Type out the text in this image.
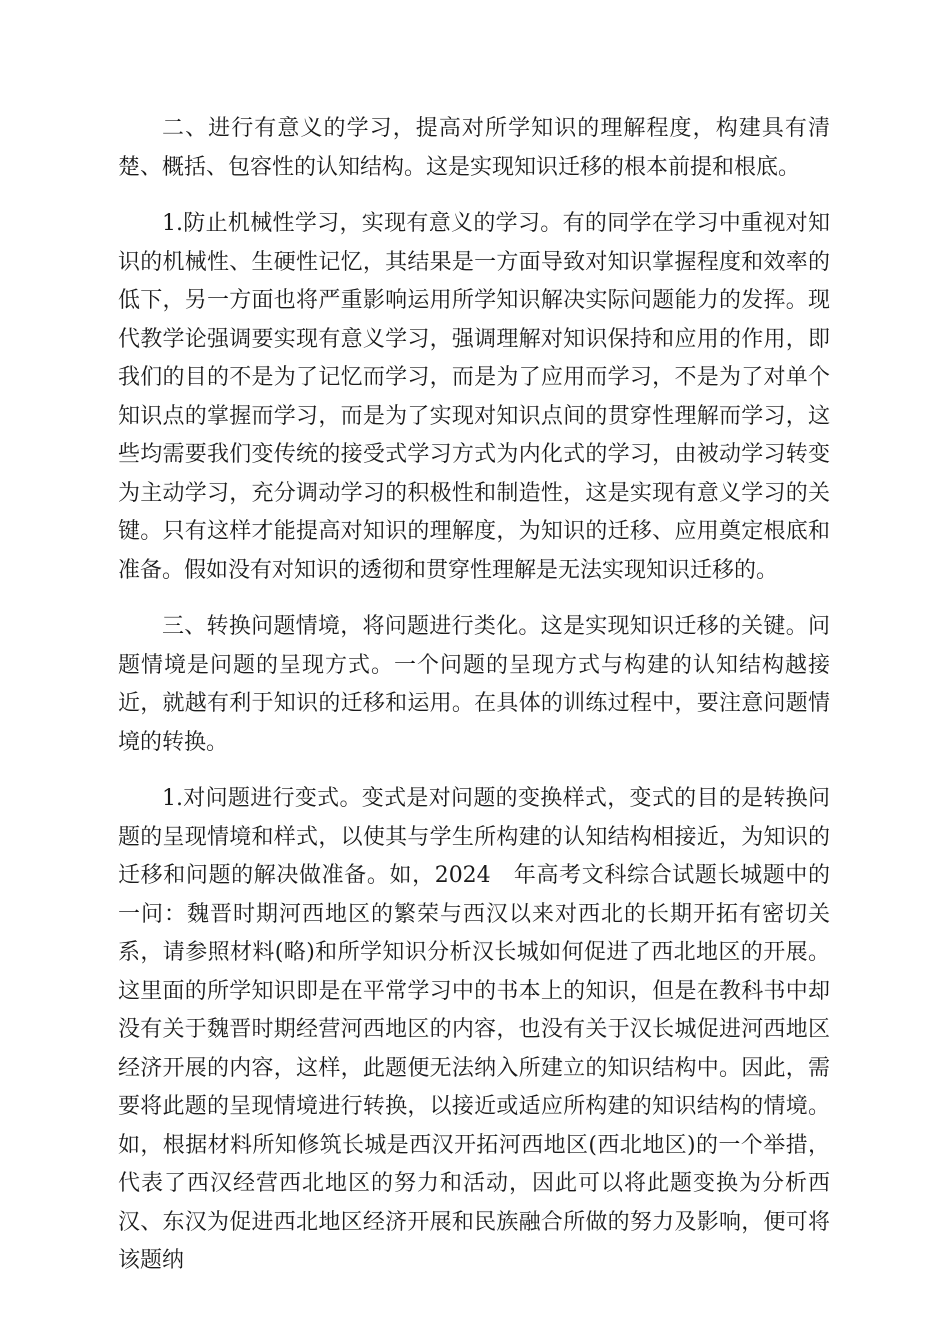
二、进行有意义的学习，提高对所学知识的理解程度，构建具有清楚、概括、包容性的认知结构。这是实现知识迁移的根本前提和根底。

1.防止机械性学习，实现有意义的学习。有的同学在学习中重视对知识的机械性、生硬性记忆，其结果是一方面导致对知识掌握程度和效率的低下，另一方面也将严重影响运用所学知识解决实际问题能力的发挥。现代教学论强调要实现有意义学习，强调理解对知识保持和应用的作用，即我们的目的不是为了记忆而学习，而是为了应用而学习，不是为了对单个知识点的掌握而学习，而是为了实现对知识点间的贯穿性理解而学习，这些均需要我们变传统的接受式学习方式为内化式的学习，由被动学习转变为主动学习，充分调动学习的积极性和制造性，这是实现有意义学习的关键。只有这样才能提高对知识的理解度，为知识的迁移、应用奠定根底和准备。假如没有对知识的透彻和贯穿性理解是无法实现知识迁移的。

三、转换问题情境，将问题进行类化。这是实现知识迁移的关键。问题情境是问题的呈现方式。一个问题的呈现方式与构建的认知结构越接近，就越有利于知识的迁移和运用。在具体的训练过程中，要注意问题情境的转换。

1.对问题进行变式。变式是对问题的变换样式，变式的目的是转换问题的呈现情境和样式，以使其与学生所构建的认知结构相接近，为知识的迁移和问题的解决做准备。如，2024　年高考文科综合试题长城题中的一问：魏晋时期河西地区的繁荣与西汉以来对西北的长期开拓有密切关系，请参照材料(略)和所学知识分析汉长城如何促进了西北地区的开展。这里面的所学知识即是在平常学习中的书本上的知识，但是在教科书中却没有关于魏晋时期经营河西地区的内容，也没有关于汉长城促进河西地区经济开展的内容，这样，此题便无法纳入所建立的知识结构中。因此，需要将此题的呈现情境进行转换，以接近或适应所构建的知识结构的情境。如，根据材料所知修筑长城是西汉开拓河西地区(西北地区)的一个举措，代表了西汉经营西北地区的努力和活动，因此可以将此题变换为分析西汉、东汉为促进西北地区经济开展和民族融合所做的努力及影响，便可将该题纳
